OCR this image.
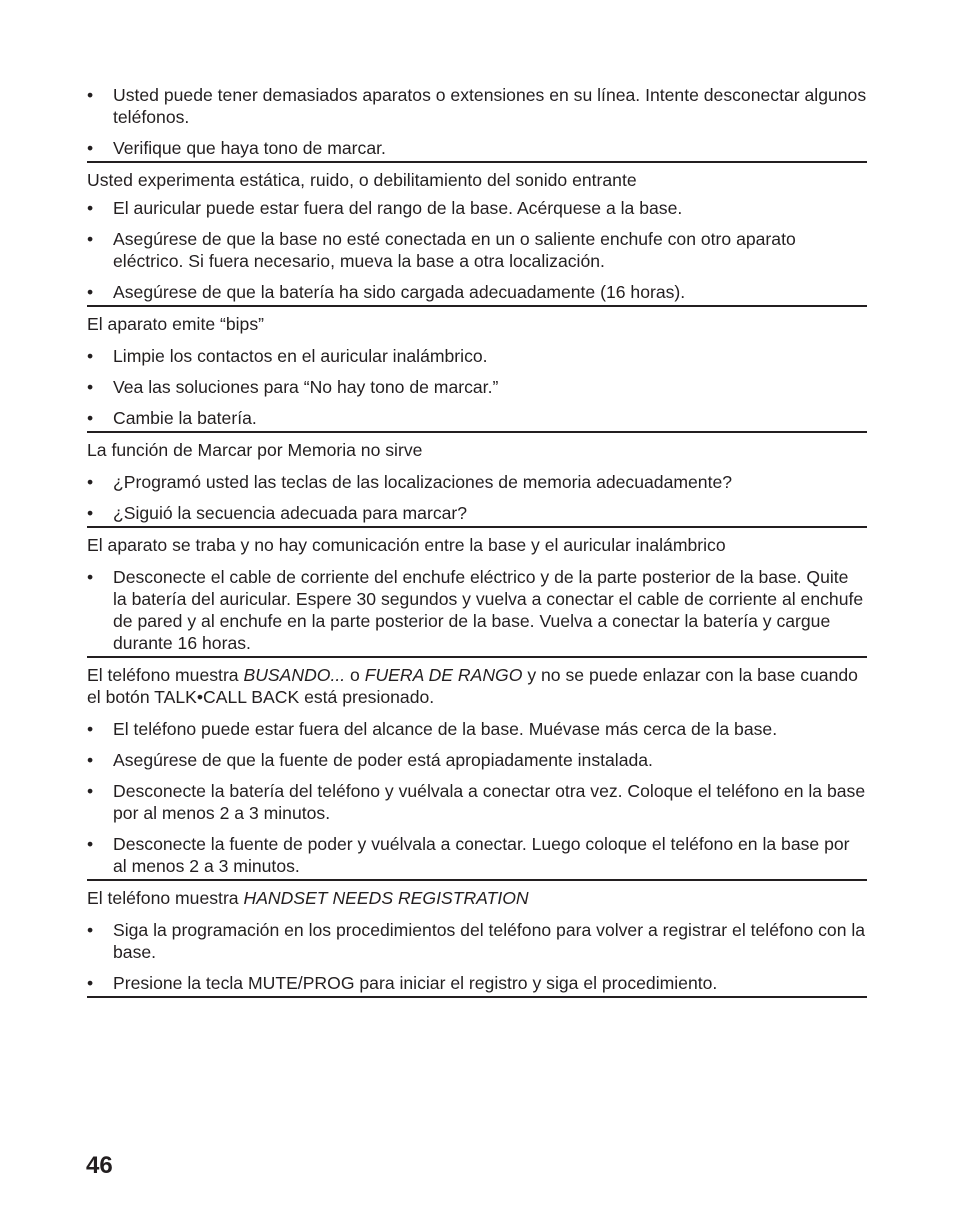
•	Usted puede tener demasiados aparatos o extensiones en su línea. Intente desconectar algunos teléfonos.
•	Verifique que haya tono de marcar.
Usted experimenta estática, ruido, o debilitamiento del sonido entrante
•	El auricular puede estar fuera del rango de la base. Acérquese a la base.
•	Asegúrese de que la base no esté conectada en un o saliente enchufe con otro aparato eléctrico. Si fuera necesario, mueva la base a otra localización.
•	Asegúrese de que la batería ha sido cargada adecuadamente (16 horas).
El aparato emite “bips”
•	Limpie los contactos en el auricular inalámbrico.
•	Vea las soluciones para “No hay tono de marcar.”
•	Cambie la batería.
La función de Marcar por Memoria no sirve
•	¿Programó usted las teclas de las localizaciones de memoria adecuadamente?
•	¿Siguió la secuencia adecuada para marcar?
El aparato se traba y no hay comunicación entre la base y el auricular inalámbrico
•	Desconecte el cable de corriente del enchufe eléctrico y de la parte posterior de la base. Quite la batería del auricular. Espere 30 segundos y vuelva a conectar el cable de corriente al enchufe de pared y al enchufe en la parte posterior de la base. Vuelva a conectar la batería y cargue durante 16 horas.
El teléfono muestra BUSANDO... o FUERA DE RANGO y no se puede enlazar con la base cuando el botón TALK•CALL BACK está presionado.
•	El teléfono puede estar fuera del alcance de la base. Muévase más cerca de la base.
•	Asegúrese de que la fuente de poder está apropiadamente instalada.
•	Desconecte la batería del teléfono y vuélvala a conectar otra vez. Coloque el teléfono en la base por al menos 2 a 3 minutos.
•	Desconecte la fuente de poder y vuélvala a conectar. Luego coloque el teléfono en la base por al menos 2 a 3 minutos.
El teléfono muestra HANDSET NEEDS REGISTRATION
•	Siga la programación en los procedimientos del teléfono para volver a registrar el teléfono con la base.
•	Presione la tecla MUTE/PROG para iniciar el registro y siga el procedimiento.
46
